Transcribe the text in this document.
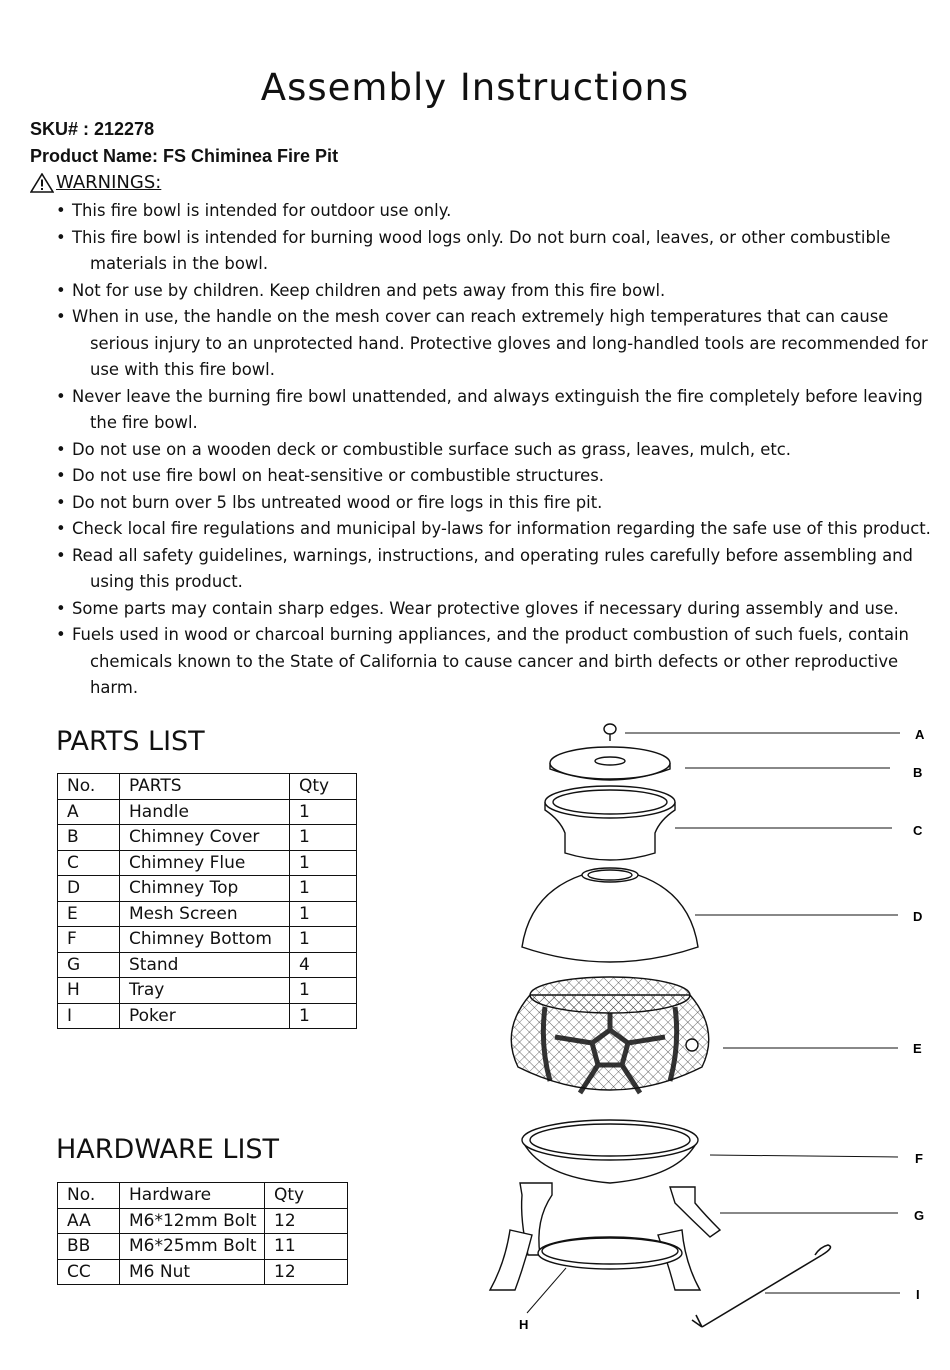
Assembly Instructions
SKU# : 212278
Product Name: FS Chiminea Fire Pit
WARNINGS:
• This fire bowl is intended for outdoor use only.
• This fire bowl is intended for burning wood logs only. Do not burn coal, leaves, or other combustible materials in the bowl.
• Not for use by children. Keep children and pets away from this fire bowl.
• When in use, the handle on the mesh cover can reach extremely high temperatures that can cause serious injury to an unprotected hand. Protective gloves and long-handled tools are recommended for use with this fire bowl.
• Never leave the burning fire bowl unattended, and always extinguish the fire completely before leaving the fire bowl.
• Do not use on a wooden deck or combustible surface such as grass, leaves, mulch, etc.
• Do not use fire bowl on heat-sensitive or combustible structures.
• Do not burn over 5 lbs untreated wood or fire logs in this fire pit.
• Check local fire regulations and municipal by-laws for information regarding the safe use of this product.
• Read all safety guidelines, warnings, instructions, and operating rules carefully before assembling and using this product.
• Some parts may contain sharp edges. Wear protective gloves if necessary during assembly and use.
• Fuels used in wood or charcoal burning appliances, and the product combustion of such fuels, contain chemicals known to the State of California to cause cancer and birth defects or other reproductive harm.
PARTS LIST
No.	PARTS	Qty
A	Handle	1
B	Chimney Cover	1
C	Chimney Flue	1
D	Chimney Top	1
E	Mesh Screen	1
F	Chimney Bottom	1
G	Stand	4
H	Tray	1
I	Poker	1
HARDWARE LIST
No.	Hardware	Qty
AA	M6*12mm Bolt	12
BB	M6*25mm Bolt	11
CC	M6 Nut	12
A
B
C
D
E
F
G
H
I
